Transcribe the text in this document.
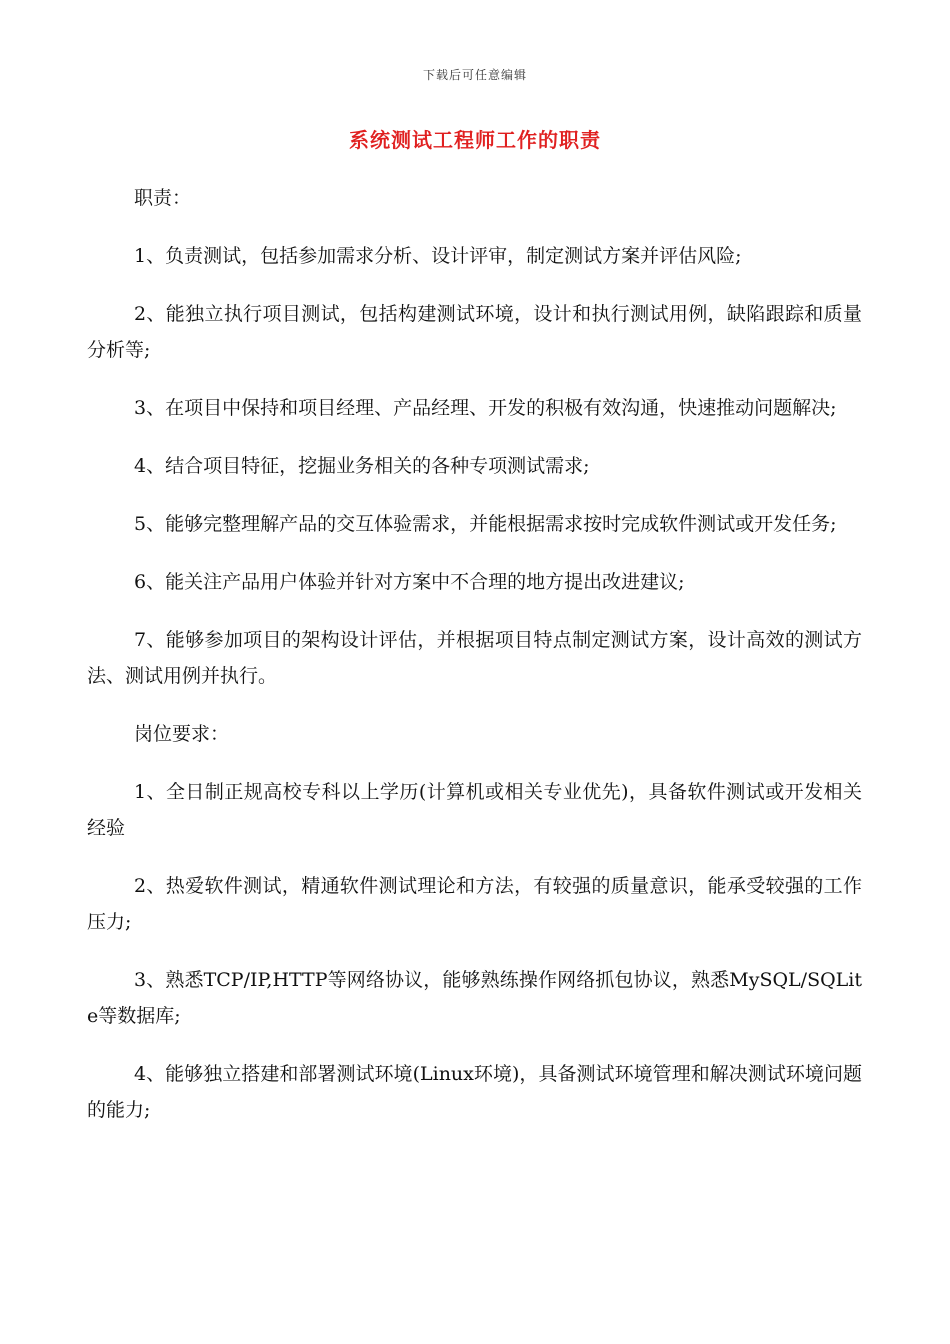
下载后可任意编辑
系统测试工程师工作的职责

职责：

1、负责测试，包括参加需求分析、设计评审，制定测试方案并评估风险;

2、能独立执行项目测试，包括构建测试环境，设计和执行测试用例，缺陷跟踪和质量分析等;

3、在项目中保持和项目经理、产品经理、开发的积极有效沟通，快速推动问题解决;

4、结合项目特征，挖掘业务相关的各种专项测试需求;

5、能够完整理解产品的交互体验需求，并能根据需求按时完成软件测试或开发任务;

6、能关注产品用户体验并针对方案中不合理的地方提出改进建议;

7、能够参加项目的架构设计评估，并根据项目特点制定测试方案，设计高效的测试方法、测试用例并执行。

岗位要求：

1、全日制正规高校专科以上学历(计算机或相关专业优先)，具备软件测试或开发相关经验

2、热爱软件测试，精通软件测试理论和方法，有较强的质量意识，能承受较强的工作压力;

3、熟悉TCP/IP,HTTP等网络协议，能够熟练操作网络抓包协议，熟悉MySQL/SQLite等数据库;

4、能够独立搭建和部署测试环境(Linux环境)，具备测试环境管理和解决测试环境问题的能力;
